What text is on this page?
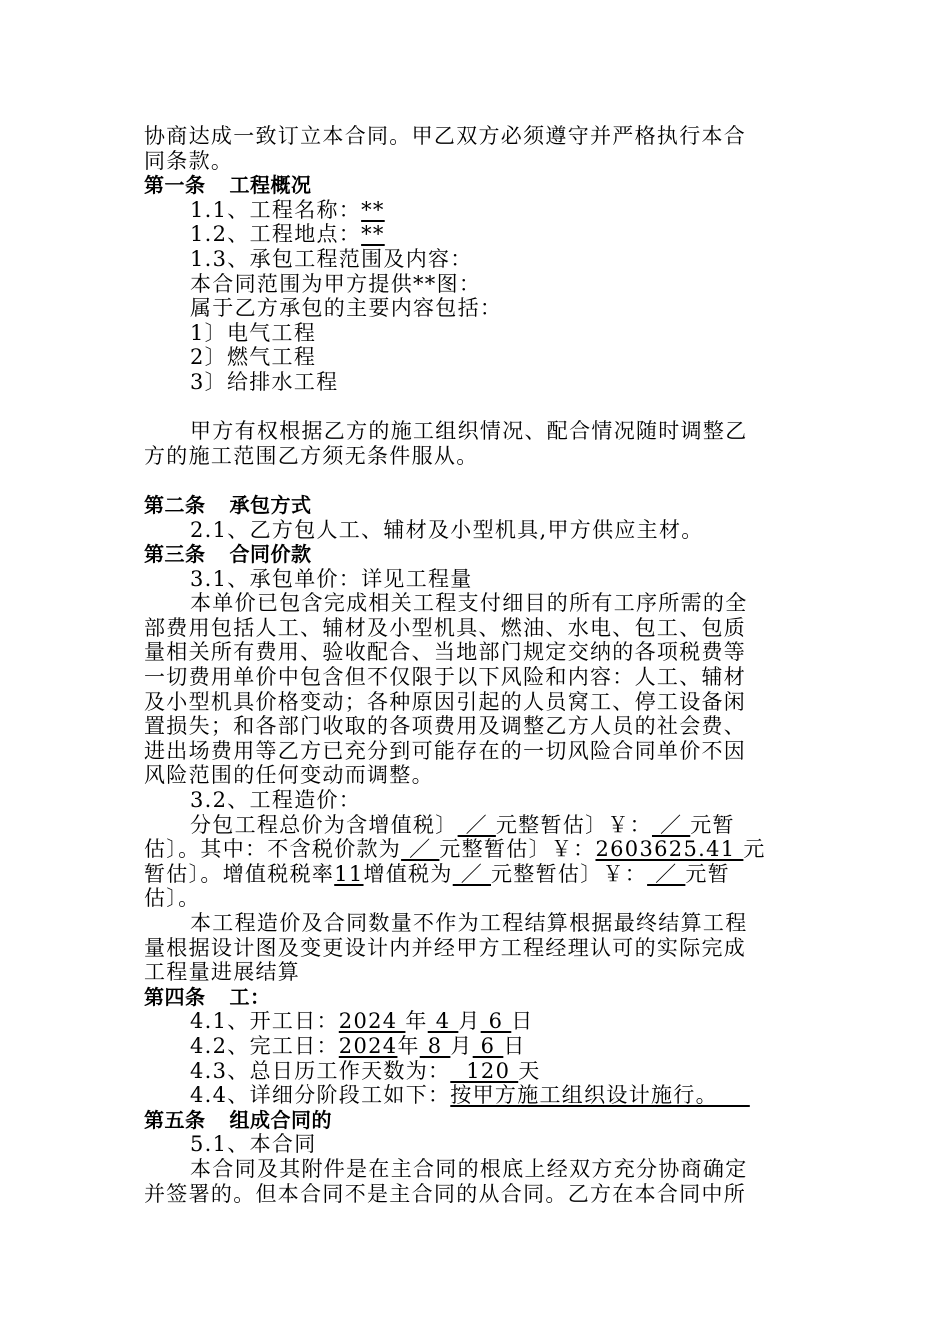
协商达成一致订立本合同。甲乙双方必须遵守并严格执行本合
同条款。
第一条 工程概况
1.1、工程名称：**
1.2、工程地点：**
1.3、承包工程范围及内容：
本合同范围为甲方提供**图：
属于乙方承包的主要内容包括：
1〕电气工程
2〕燃气工程
3〕给排水工程
甲方有权根据乙方的施工组织情况、配合情况随时调整乙
方的施工范围乙方须无条件服从。
第二条 承包方式
2.1、乙方包人工、辅材及小型机具,甲方供应主材。
第三条 合同价款
3.1、承包单价：详见工程量
本单价已包含完成相关工程支付细目的所有工序所需的全
部费用包括人工、辅材及小型机具、燃油、水电、包工、包质
量相关所有费用、验收配合、当地部门规定交纳的各项税费等
一切费用单价中包含但不仅限于以下风险和内容：人工、辅材
及小型机具价格变动；各种原因引起的人员窝工、停工设备闲
置损失；和各部门收取的各项费用及调整乙方人员的社会费、
进出场费用等乙方已充分到可能存在的一切风险合同单价不因
风险范围的任何变动而调整。
3.2、工程造价：
分包工程总价为含增值税〕 ／ 元整暂估〕￥： ／ 元暂
估〕。其中：不含税价款为 ／ 元整暂估〕￥：2603625.41 元
暂估〕。增值税税率11增值税为 ／ 元整暂估〕￥： ／ 元暂
估〕。
本工程造价及合同数量不作为工程结算根据最终结算工程
量根据设计图及变更设计内并经甲方工程经理认可的实际完成
工程量进展结算
第四条 工：
4.1、开工日：2024 年 4 月 6 日
4.2、完工日：2024年 8 月 6 日
4.3、总日历工作天数为：  120 天
4.4、详细分阶段工如下：按甲方施工组织设计施行。
第五条 组成合同的
5.1、本合同
本合同及其附件是在主合同的根底上经双方充分协商确定
并签署的。但本合同不是主合同的从合同。乙方在本合同中所
